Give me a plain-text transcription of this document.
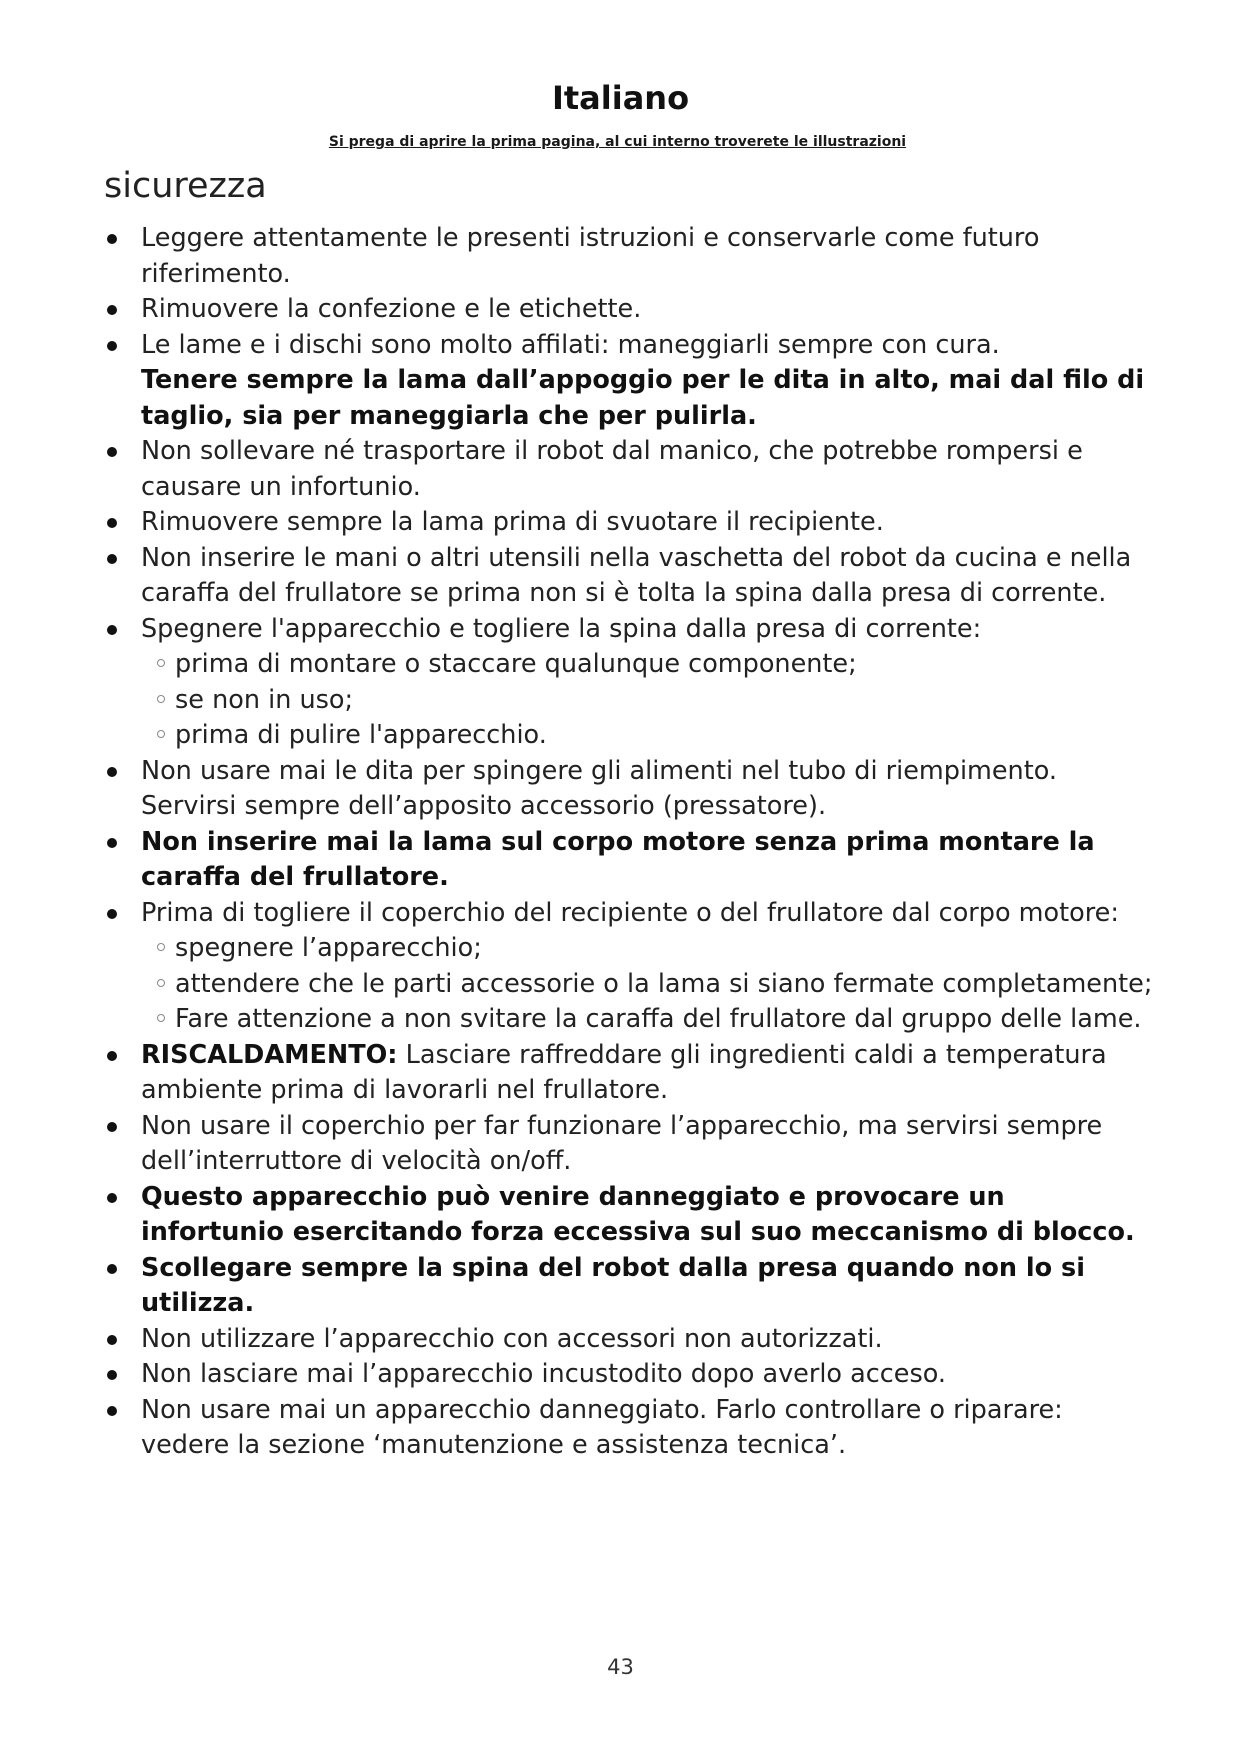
Italiano
Si prega di aprire la prima pagina, al cui interno troverete le illustrazioni
sicurezza
Leggere attentamente le presenti istruzioni e conservarle come futuro riferimento.
Rimuovere la confezione e le etichette.
Le lame e i dischi sono molto affilati: maneggiarli sempre con cura.
Tenere sempre la lama dall’appoggio per le dita in alto, mai dal filo di taglio, sia per maneggiarla che per pulirla.
Non sollevare né trasportare il robot dal manico, che potrebbe rompersi e causare un infortunio.
Rimuovere sempre la lama prima di svuotare il recipiente.
Non inserire le mani o altri utensili nella vaschetta del robot da cucina e nella caraffa del frullatore se prima non si è tolta la spina dalla presa di corrente.
Spegnere l'apparecchio e togliere la spina dalla presa di corrente:
prima di montare o staccare qualunque componente;
se non in uso;
prima di pulire l'apparecchio.
Non usare mai le dita per spingere gli alimenti nel tubo di riempimento. Servirsi sempre dell’apposito accessorio (pressatore).
Non inserire mai la lama sul corpo motore senza prima montare la caraffa del frullatore.
Prima di togliere il coperchio del recipiente o del frullatore dal corpo motore:
spegnere l’apparecchio;
attendere che le parti accessorie o la lama si siano fermate completamente;
Fare attenzione a non svitare la caraffa del frullatore dal gruppo delle lame.
RISCALDAMENTO: Lasciare raffreddare gli ingredienti caldi a temperatura ambiente prima di lavorarli nel frullatore.
Non usare il coperchio per far funzionare l’apparecchio, ma servirsi sempre dell’interruttore di velocità on/off.
Questo apparecchio può venire danneggiato e provocare un infortunio esercitando forza eccessiva sul suo meccanismo di blocco.
Scollegare sempre la spina del robot dalla presa quando non lo si utilizza.
Non utilizzare l’apparecchio con accessori non autorizzati.
Non lasciare mai l’apparecchio incustodito dopo averlo acceso.
Non usare mai un apparecchio danneggiato. Farlo controllare o riparare: vedere la sezione ‘manutenzione e assistenza tecnica’.
43
